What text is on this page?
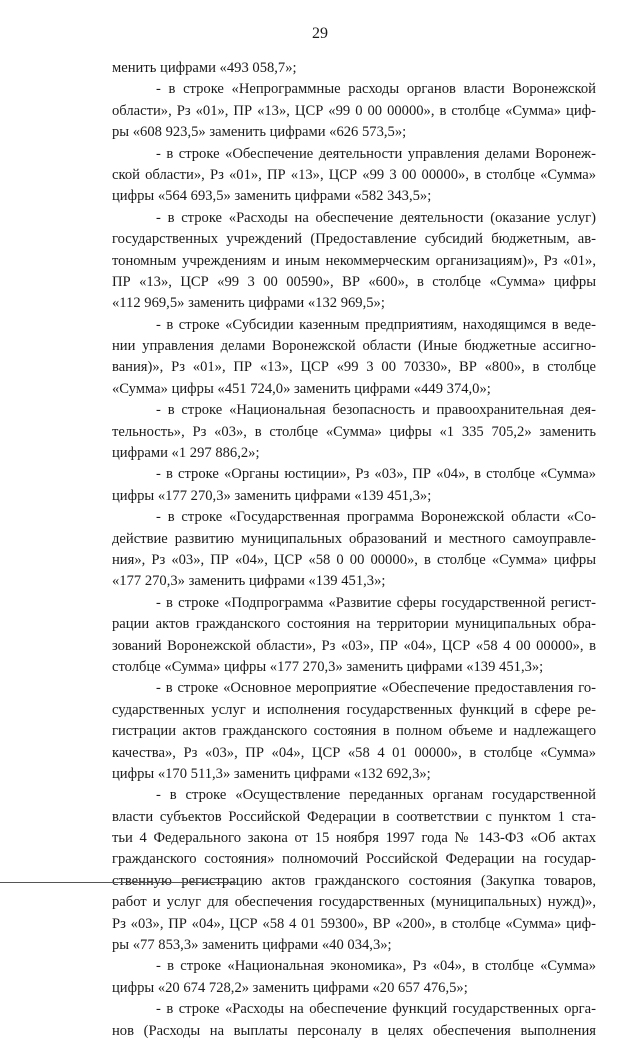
29
менить цифрами «493 058,7»;
- в строке «Непрограммные расходы органов власти Воронежской
области», Рз «01», ПР «13», ЦСР «99 0 00 00000», в столбце «Сумма» циф-
ры «608 923,5» заменить цифрами «626 573,5»;
- в строке «Обеспечение деятельности управления делами Воронеж-
ской области», Рз «01», ПР «13», ЦСР «99 3 00 00000», в столбце «Сумма»
цифры «564 693,5» заменить цифрами «582 343,5»;
- в строке «Расходы на обеспечение деятельности (оказание услуг)
государственных учреждений (Предоставление субсидий бюджетным, ав-
тономным учреждениям и иным некоммерческим организациям)», Рз «01»,
ПР «13», ЦСР «99 3 00 00590», ВР «600», в столбце «Сумма» цифры
«112 969,5» заменить цифрами «132 969,5»;
- в строке «Субсидии казенным предприятиям, находящимся в веде-
нии управления делами Воронежской области (Иные бюджетные ассигно-
вания)», Рз «01», ПР «13», ЦСР «99 3 00 70330», ВР «800», в столбце
«Сумма» цифры «451 724,0» заменить цифрами «449 374,0»;
- в строке «Национальная безопасность и правоохранительная дея-
тельность», Рз «03», в столбце «Сумма» цифры «1 335 705,2» заменить
цифрами «1 297 886,2»;
- в строке «Органы юстиции», Рз «03», ПР «04», в столбце «Сумма»
цифры «177 270,3» заменить цифрами «139 451,3»;
- в строке «Государственная программа Воронежской области «Со-
действие развитию муниципальных образований и местного самоуправле-
ния», Рз «03», ПР «04», ЦСР «58 0 00 00000», в столбце «Сумма» цифры
«177 270,3» заменить цифрами «139 451,3»;
- в строке «Подпрограмма «Развитие сферы государственной регист-
рации актов гражданского состояния на территории муниципальных обра-
зований Воронежской области», Рз «03», ПР «04», ЦСР «58 4 00 00000», в
столбце «Сумма» цифры «177 270,3» заменить цифрами «139 451,3»;
- в строке «Основное мероприятие «Обеспечение предоставления го-
сударственных услуг и исполнения государственных функций в сфере ре-
гистрации актов гражданского состояния в полном объеме и надлежащего
качества», Рз «03», ПР «04», ЦСР «58 4 01 00000», в столбце «Сумма»
цифры «170 511,3» заменить цифрами «132 692,3»;
- в строке «Осуществление переданных органам государственной
власти субъектов Российской Федерации в соответствии с пунктом 1 ста-
тьи 4 Федерального закона от 15 ноября 1997 года № 143-ФЗ «Об актах
гражданского состояния» полномочий Российской Федерации на государ-
ственную регистрацию актов гражданского состояния (Закупка товаров,
работ и услуг для обеспечения государственных (муниципальных) нужд)»,
Рз «03», ПР «04», ЦСР «58 4 01 59300», ВР «200», в столбце «Сумма» циф-
ры «77 853,3» заменить цифрами «40 034,3»;
- в строке «Национальная экономика», Рз «04», в столбце «Сумма»
цифры «20 674 728,2» заменить цифрами «20 657 476,5»;
- в строке «Расходы на обеспечение функций государственных орга-
нов (Расходы на выплаты персоналу в целях обеспечения выполнения
